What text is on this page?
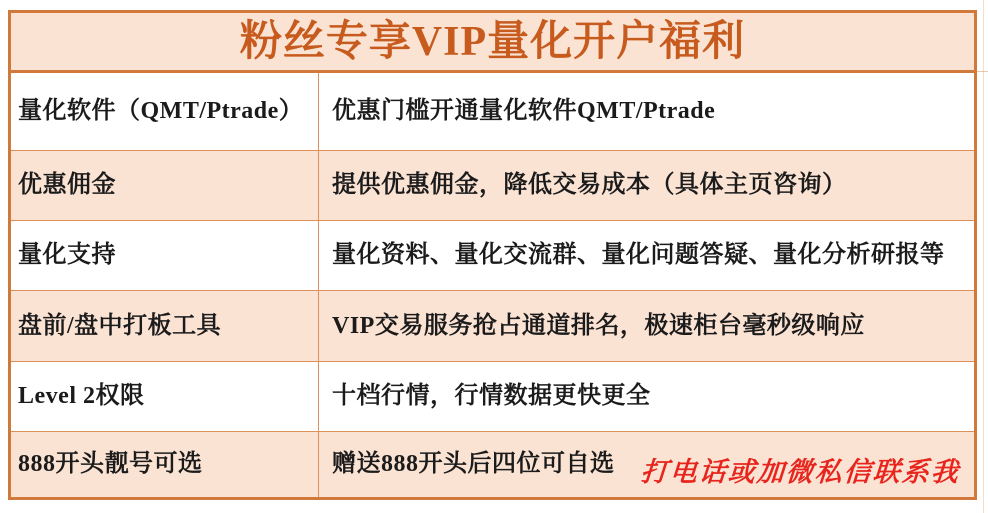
粉丝专享VIP量化开户福利
量化软件（QMT/Ptrade）	优惠门槛开通量化软件QMT/Ptrade
优惠佣金	提供优惠佣金，降低交易成本（具体主页咨询）
量化支持	量化资料、量化交流群、量化问题答疑、量化分析研报等
盘前/盘中打板工具	VIP交易服务抢占通道排名，极速柜台毫秒级响应
Level 2权限	十档行情，行情数据更快更全
888开头靓号可选	赠送888开头后四位可自选 打电话或加微私信联系我
